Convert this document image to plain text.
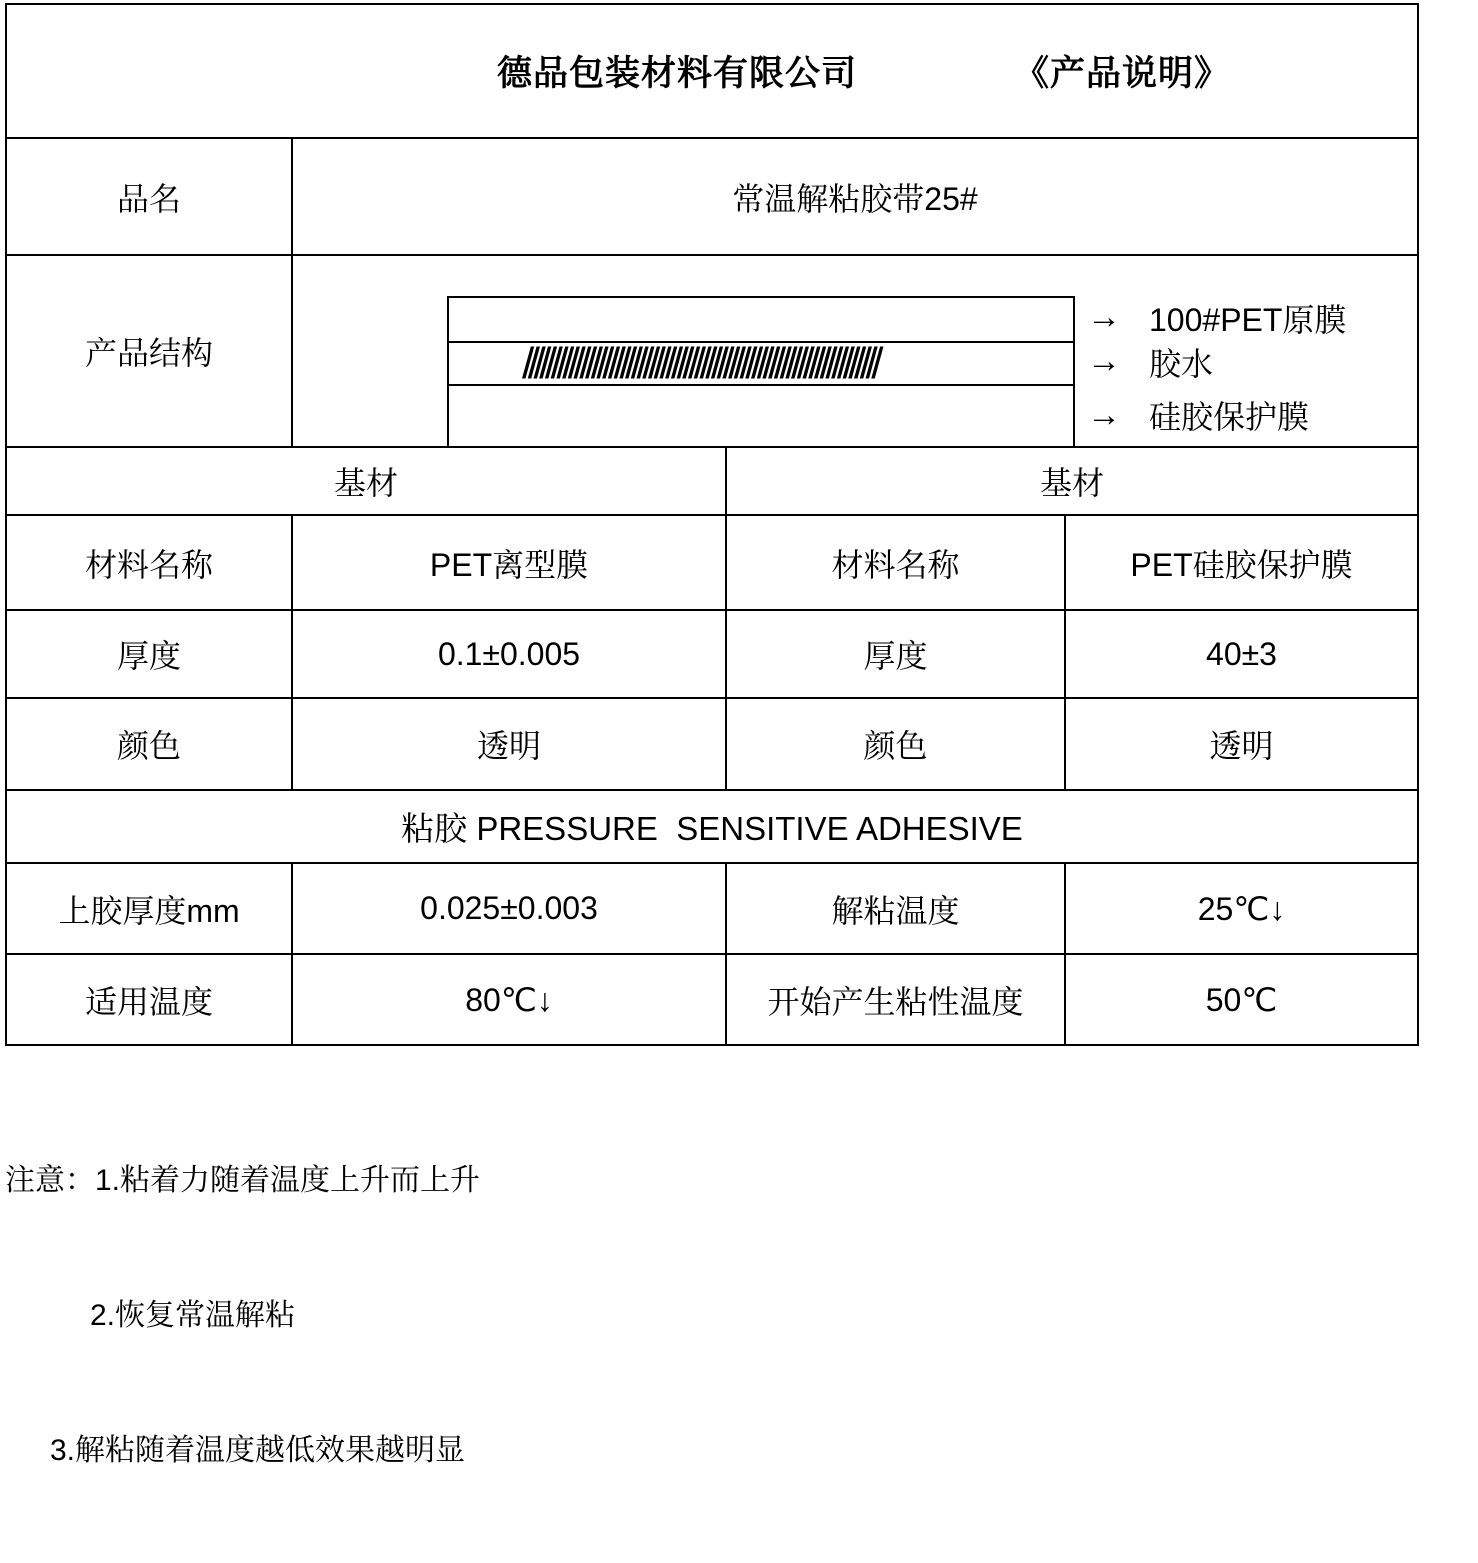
德品包装材料有限公司 《产品说明》			

品名	常温解粘胶带25#		
产品结构	//////////////////////////////////////////////////////////////
→ 100#PET原膜
→ 胶水
→ 硅胶保护膜

基材		基材	
材料名称	PET离型膜	材料名称	PET硅胶保护膜
厚度	0.1±0.005	厚度	40±3
颜色	透明	颜色	透明
粘胶 PRESSURE  SENSITIVE ADHESIVE			
上胶厚度mm	0.025±0.003	解粘温度	25℃↓
适用温度	80℃↓	开始产生粘性温度	50℃

注意：1.粘着力随着温度上升而上升

2.恢复常温解粘

3.解粘随着温度越低效果越明显
